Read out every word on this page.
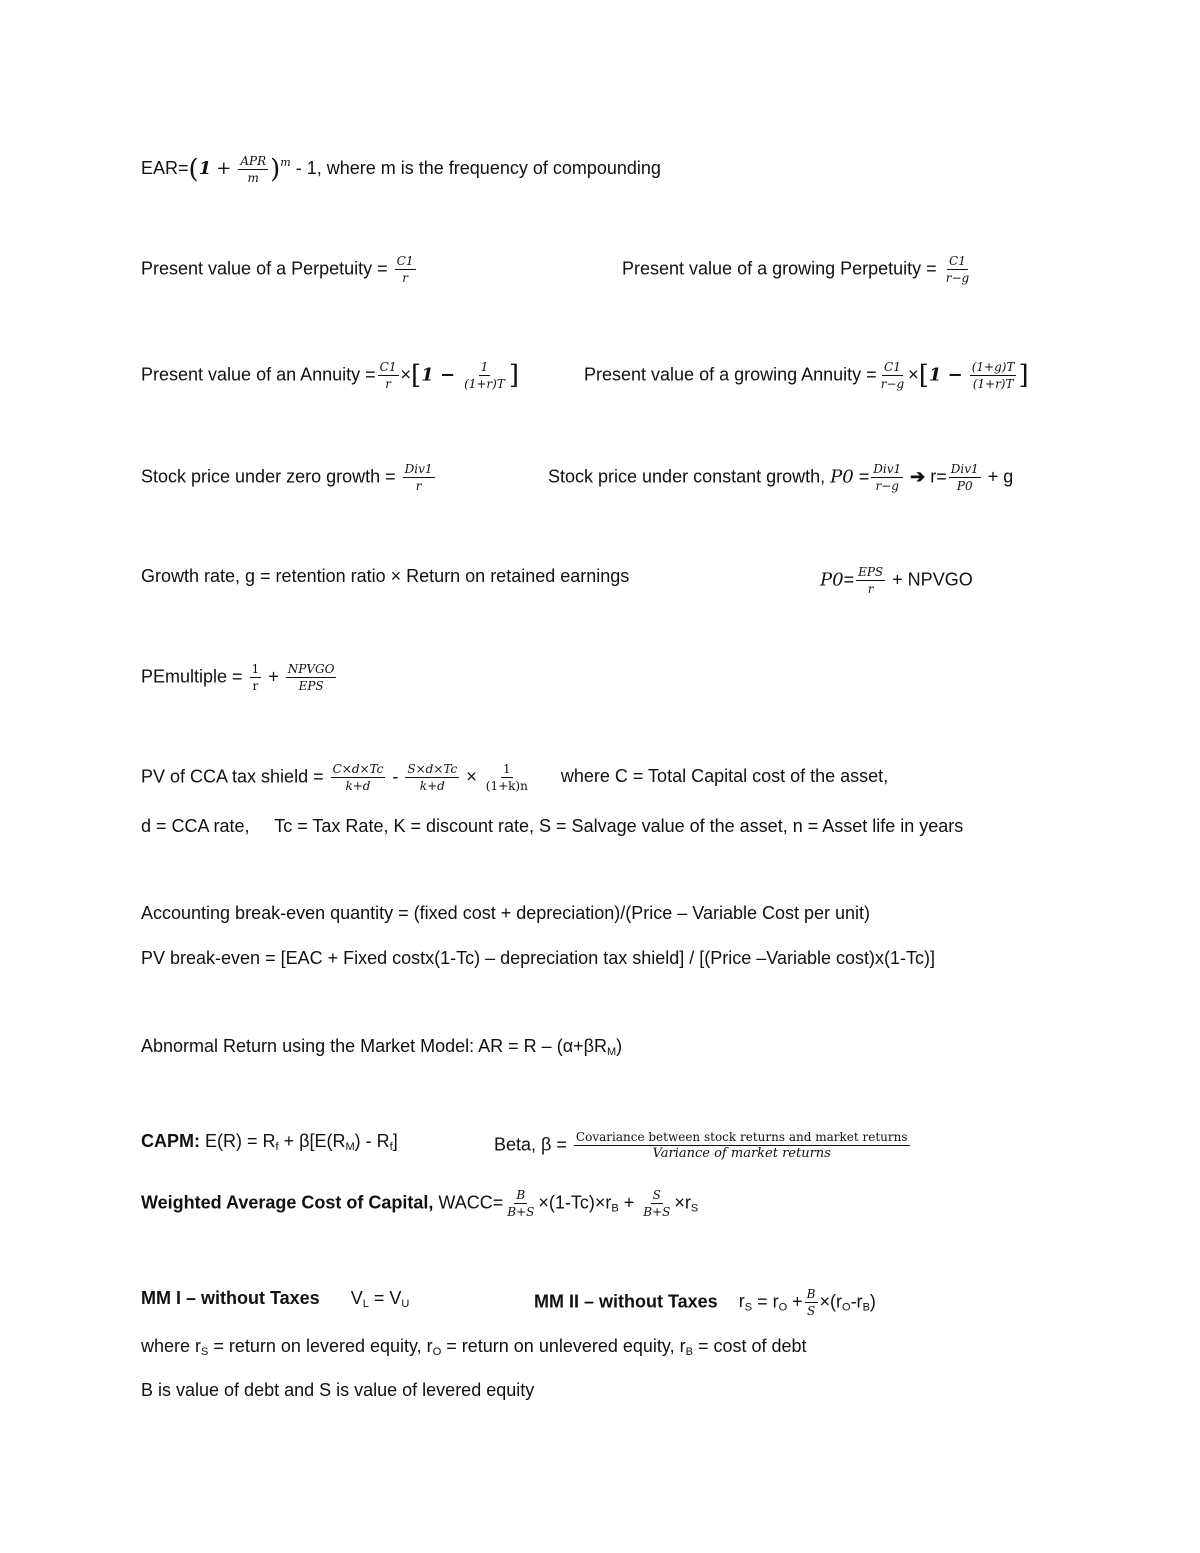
$EAR=(1 + \frac{\text{APR}}{m} )^m - 1$, where m is the frequency of compounding
Present value of a Perpetuity = $\frac{C1}{r}$	Present value of a growing Perpetuity = $\frac{C1}{r-g}$
Present value of an Annuity = $\frac{C1}{r} \times[1 - \frac{1}{(1+r)T}$ ]	Present value of a growing Annuity = $\frac{C1}{r-g} \times[1 - \frac{(1+g)T}{(1+r)T}$ ]
Stock price under zero growth = $\frac{\text{Div1}}{r}$	Stock price under constant growth, $P0 = \frac{\text{Div1}}{r-g}$ ➔ $r= \frac{\text{Div1}}{P0} + g$
Growth rate, g = retention ratio × Return on retained earnings	$P0= \frac{\text{EPS}}{r}$ + NPVGO
PEmultiple = $\frac{1}{r} + \frac{\text{NPVGO}}{\text{EPS}}$
PV of CCA tax shield = $\frac{C\times d\times Tc}{k+d} - \frac{S\times d\times Tc}{k+d} \times \frac{1}{(1+k)n}$ where C = Total Capital cost of the asset,
d = CCA rate,     Tc = Tax Rate, K = discount rate, S = Salvage value of the asset, n = Asset life in years
Accounting break-even quantity = (fixed cost + depreciation)/(Price – Variable Cost per unit)
PV break-even = [EAC + Fixed costx(1-Tc) – depreciation tax shield] / [(Price –Variable cost)x(1-Tc)]
Abnormal Return using the Market Model: AR = $R - (\alpha+\beta R_M)$
CAPM: $E(R) = R_f + \beta[E(R_M) - R_f]$	Beta, $\beta = \frac{\text{Covariance between stock returns and market returns}}{\text{Variance of market returns}}$
Weighted Average Cost of Capital, WACC= $\frac{B}{B+S} \times(1-Tc)\times r_B + \frac{S}{B+S} \times r_S$
MM I – without Taxes $V_L = V_U$	MM II – without Taxes $r_S = r_O + \frac{B}{S} \times(r_O-r_B)$
where $r_S$ = return on levered equity, $r_O$ = return on unlevered equity, $r_B = \cos t$ of debt
B is value of debt and S is value of levered equity
